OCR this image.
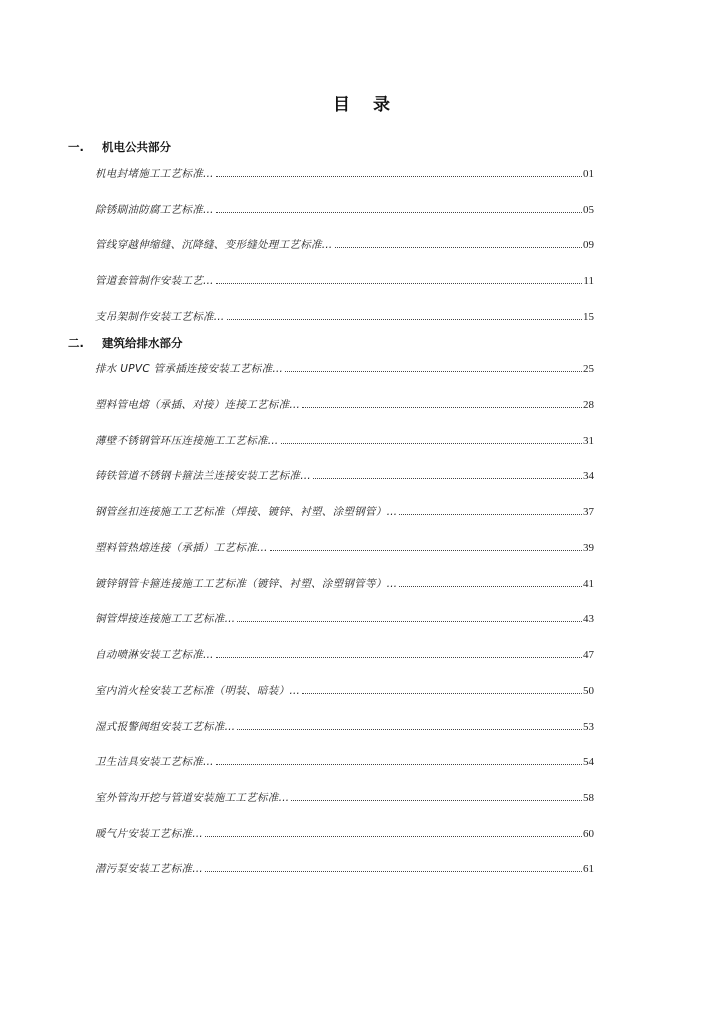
目 录
一. 机电公共部分
机电封堵施工工艺标准…	01
除锈刷油防腐工艺标准…	05
管线穿越伸缩缝、沉降缝、变形缝处理工艺标准…	09
管道套管制作安装工艺…	11
支吊架制作安装工艺标准…	15
二. 建筑给排水部分
排水 UPVC 管承插连接安装工艺标准…	25
塑料管电熔（承插、对接）连接工艺标准…	28
薄壁不锈钢管环压连接施工工艺标准…	31
铸铁管道不锈钢卡箍法兰连接安装工艺标准…	34
钢管丝扣连接施工工艺标准（焊接、镀锌、衬塑、涂塑钢管）…	37
塑料管热熔连接（承插）工艺标准…	39
镀锌钢管卡箍连接施工工艺标准（镀锌、衬塑、涂塑钢管等）…	41
铜管焊接连接施工工艺标准…	43
自动喷淋安装工艺标准…	47
室内消火栓安装工艺标准（明装、暗装）…	50
湿式报警阀组安装工艺标准…	53
卫生洁具安装工艺标准…	54
室外管沟开挖与管道安装施工工艺标准…	58
暖气片安装工艺标准…	60
潜污泵安装工艺标准…	61
